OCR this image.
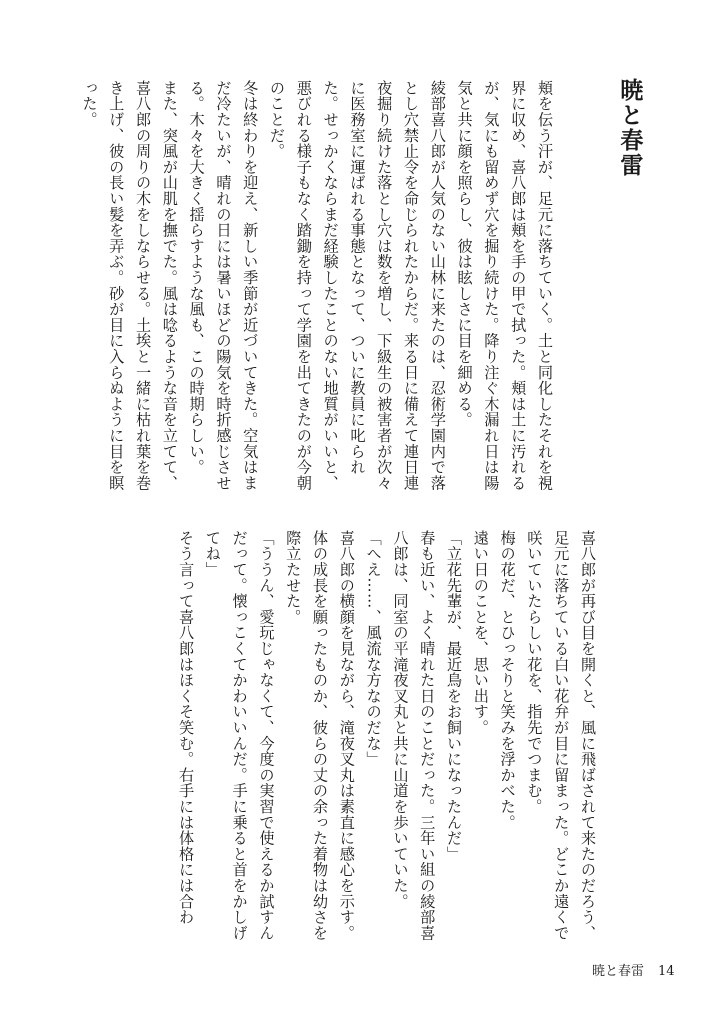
暁と春雷

頬を伝う汗が、足元に落ちていく。土と同化したそれを視界に収め、喜八郎は頬を手の甲で拭った。頬は土に汚れるが、気にも留めず穴を掘り続けた。降り注ぐ木漏れ日は陽気と共に顔を照らし、彼は眩しさに目を細める。

綾部喜八郎が人気のない山林に来たのは、忍術学園内で落とし穴禁止令を命じられたからだ。来る日に備えて連日連夜掘り続けた落とし穴は数を増し、下級生の被害者が次々に医務室に運ばれる事態となって、ついに教員に叱られた。せっかくならまだ経験したことのない地質がいいと、悪びれる様子もなく踏鋤を持って学園を出てきたのが今朝のことだ。

冬は終わりを迎え、新しい季節が近づいてきた。空気はまだ冷たいが、晴れの日には暑いほどの陽気を時折感じさせる。木々を大きく揺らすような風も、この時期らしい。

また、突風が山肌を撫でた。風は唸るような音を立てて、喜八郎の周りの木をしならせる。土埃と一緒に枯れ葉を巻き上げ、彼の長い髪を弄ぶ。砂が目に入らぬように目を瞑った。

喜八郎が再び目を開くと、風に飛ばされて来たのだろう、足元に落ちている白い花弁が目に留まった。どこか遠くで咲いていたらしい花を、指先でつまむ。

梅の花だ、とひっそりと笑みを浮かべた。

遠い日のことを、思い出す。

「立花先輩が、最近鳥をお飼いになったんだ」

春も近い、よく晴れた日のことだった。三年い組の綾部喜八郎は、同室の平滝夜叉丸と共に山道を歩いていた。

「へえ……、風流な方なのだな」

喜八郎の横顔を見ながら、滝夜叉丸は素直に感心を示す。体の成長を願ったものか、彼らの丈の余った着物は幼さを際立たせた。

「ううん、愛玩じゃなくて、今度の実習で使えるか試すんだって。懐っこくてかわいいんだ。手に乗ると首をかしげてね」

そう言って喜八郎はほくそ笑む。右手には体格には合わ

暁と春雷 14
